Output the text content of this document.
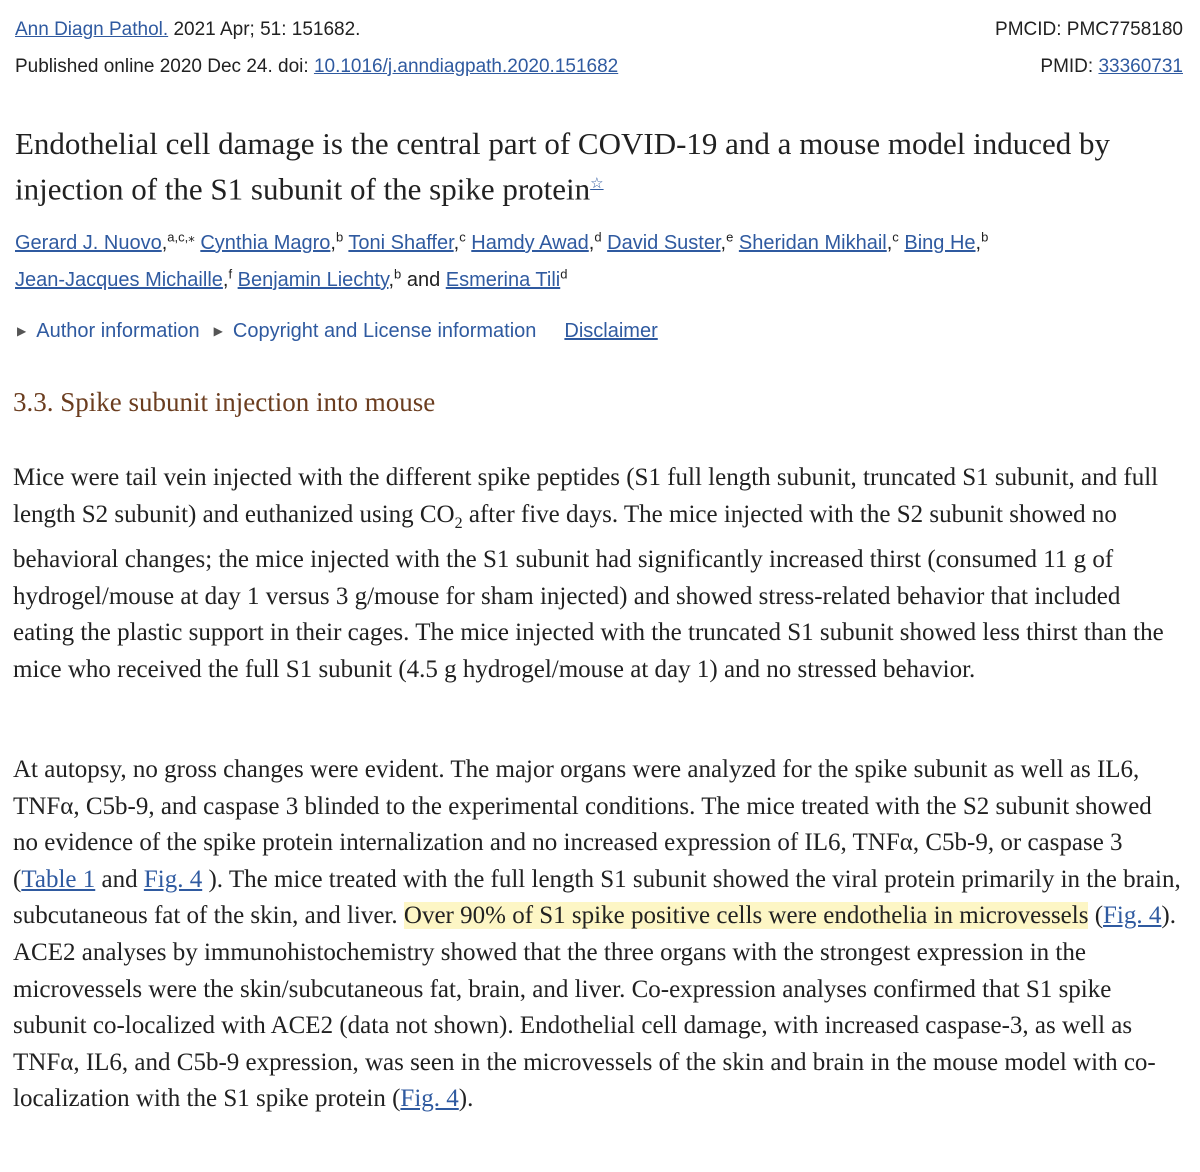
Ann Diagn Pathol. 2021 Apr; 51: 151682.	PMCID: PMC7758180
Published online 2020 Dec 24. doi: 10.1016/j.anndiagpath.2020.151682	PMID: 33360731
Endothelial cell damage is the central part of COVID-19 and a mouse model induced by injection of the S1 subunit of the spike protein☆
Gerard J. Nuovo,$^{a,c,⁎}$ Cynthia Magro,$^b$ Toni Shaffer,$^c$ Hamdy Awad,$^d$ David Suster,$^e$ Sheridan Mikhail,$^c$ Bing He,$^b$
Jean-Jacques Michaille,$^f$ Benjamin Liechty,$^b$ and Esmerina Tili$^d$
▶ Author information ▶ Copyright and License information Disclaimer
3.3. Spike subunit injection into mouse
Mice were tail vein injected with the different spike peptides (S1 full length subunit, truncated S1 subunit, and full length S2 subunit) and euthanized using $CO_2$ after five days. The mice injected with the S2 subunit showed no behavioral changes; the mice injected with the S1 subunit had significantly increased thirst (consumed 11 g of hydrogel/mouse at day 1 versus 3 g/mouse for sham injected) and showed stress-related behavior that included eating the plastic support in their cages. The mice injected with the truncated S1 subunit showed less thirst than the mice who received the full S1 subunit (4.5 g hydrogel/mouse at day 1) and no stressed behavior.
At autopsy, no gross changes were evident. The major organs were analyzed for the spike subunit as well as IL6, TNFα, C5b-9, and caspase 3 blinded to the experimental conditions. The mice treated with the S2 subunit showed no evidence of the spike protein internalization and no increased expression of IL6, TNFα, C5b-9, or caspase 3 (Table 1 and Fig. 4 ). The mice treated with the full length S1 subunit showed the viral protein primarily in the brain, subcutaneous fat of the skin, and liver. Over 90% of S1 spike positive cells were endothelia in microvessels (Fig. 4). ACE2 analyses by immunohistochemistry showed that the three organs with the strongest expression in the microvessels were the skin/subcutaneous fat, brain, and liver. Co-expression analyses confirmed that S1 spike subunit co-localized with ACE2 (data not shown). Endothelial cell damage, with increased caspase-3, as well as TNFα, IL6, and C5b-9 expression, was seen in the microvessels of the skin and brain in the mouse model with co-localization with the S1 spike protein (Fig. 4).
